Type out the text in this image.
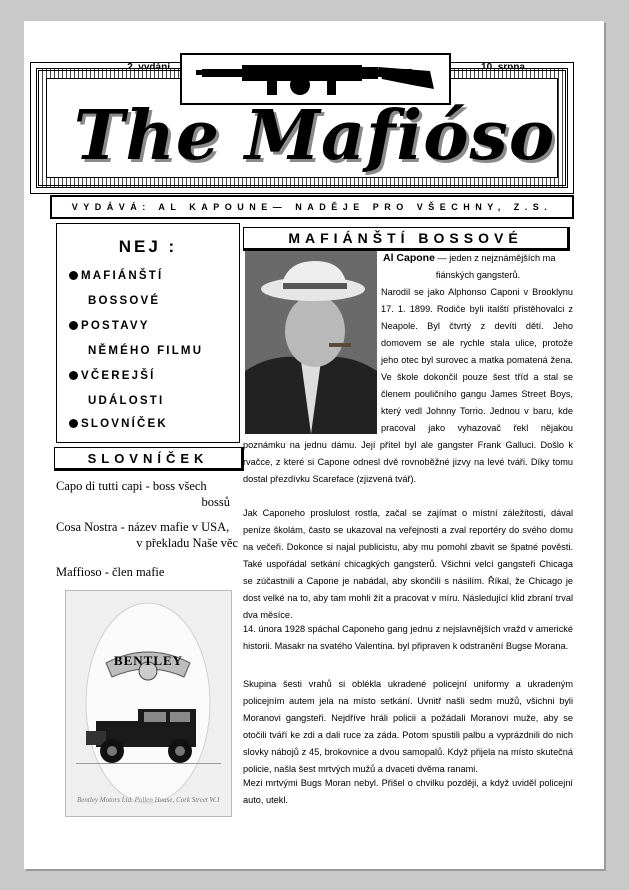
The Mafióso
VYDÁVÁ: AL KAPOUNE— NADĚJE PRO VŠECHNY, Z.S.
NEJ :
MAFIÁNŠTÍ
BOSSOVÉ
POSTAVY
NĚMÉHO FILMU
VČEREJŠÍ
UDÁLOSTI
SLOVNÍČEK
SLOVNÍČEK
Capo di tutti capi - boss všech
bossů
Cosa Nostra - název mafie v USA,
v překladu Naše věc
Maffioso - člen mafie
BENTLEY
Bentley Motors Ltd. Pollen House, Cork Street W.1
MAFIÁNŠTÍ BOSSOVÉ
Al Capone — jeden z nejznámějších ma

fiánských gangsterů.
Narodil se jako Alphonso Caponi v Brooklynu 17. 1. 1899. Rodiče byli italští přistěhovalci z Neapole. Byl čtvrtý z devíti dětí. Jeho domovem se ale rychle stala ulice, protože jeho otec byl surovec a matka pomatená žena. Ve škole dokončil pouze šest tříd a stal se členem pouličního gangu James Street Boys, který vedl Johnny Torrio. Jednou v baru, kde pracoval jako vyhazovač řekl nějakou poznámku na jednu dámu. Její přítel byl ale gangster Frank Galluci. Došlo k rvačce, z které si Capone odnesl dvě rovnoběžné jizvy na levé tváři. Díky tomu dostal přezdívku Scareface (zjizvená tvář).
Jak Caponeho proslulost rostla, začal se zajímat o místní záležitosti, dával peníze školám, často se ukazoval na veřejnosti a zval reportéry do svého domu na večeři. Dokonce si najal publicistu, aby mu pomohl zbavit se špatné pověsti. Také uspořádal setkání chicagkých gangsterů. Všichni velcí gangsteři Chicaga se zúčastnili a Capone je nabádal, aby skončili s násilím. Říkal, že Chicago je dost velké na to, aby tam mohli žít a pracovat v míru. Následující klid zbraní trval dva měsíce.
14. února 1928 spáchal Caponeho gang jednu z nejslavnějších vražd v americké historii. Masakr na svatého Valentina. byl připraven k odstranění Bugse Morana.
Skupina šesti vrahů si oblékla ukradené policejní uniformy a ukradeným policejním autem jela na místo setkání. Uvnitř našli sedm mužů, všichni byli Moranovi gangsteři. Nejdříve hráli policii a požádali Moranovi muže, aby se otočili tváří ke zdi a dali ruce za záda. Potom spustili palbu a vyprázdnili do nich slovky nábojů z 45, brokovnice a dvou samopalů. Když přijela na místo skutečná policie, našla šest mrtvých mužů a dvaceti dvěma ranami.
Mezi mrtvými Bugs Moran nebyl. Přišel o chvilku později, a když uviděl policejní auto, utekl.
